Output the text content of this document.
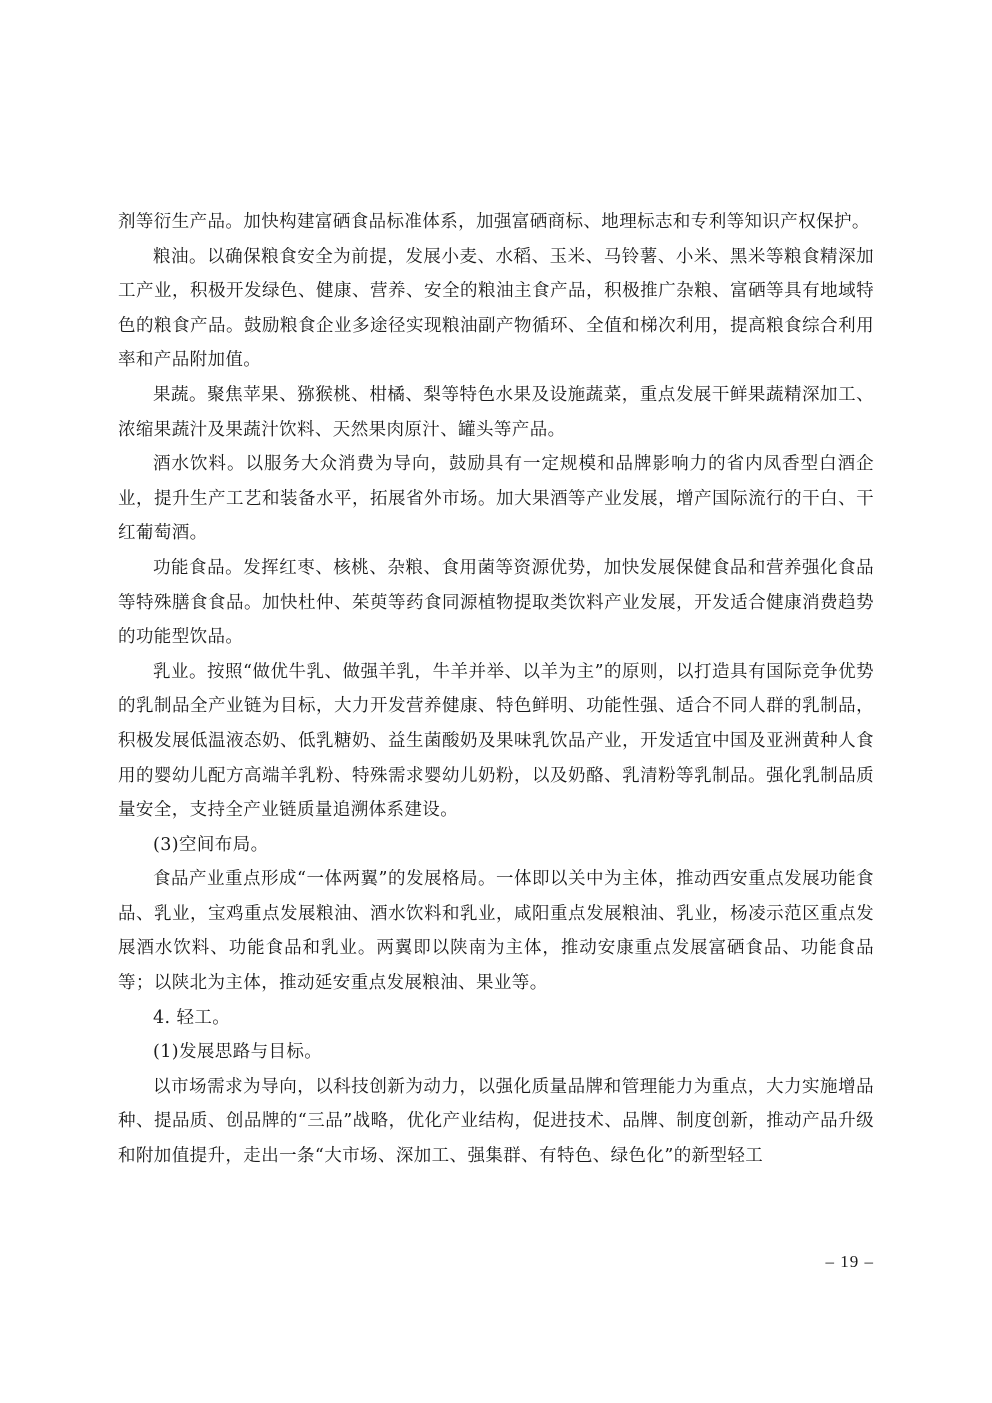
剂等衍生产品。加快构建富硒食品标准体系，加强富硒商标、地理标志和专利等知识产权保护。

粮油。以确保粮食安全为前提，发展小麦、水稻、玉米、马铃薯、小米、黑米等粮食精深加工产业，积极开发绿色、健康、营养、安全的粮油主食产品，积极推广杂粮、富硒等具有地域特色的粮食产品。鼓励粮食企业多途径实现粮油副产物循环、全值和梯次利用，提高粮食综合利用率和产品附加值。

果蔬。聚焦苹果、猕猴桃、柑橘、梨等特色水果及设施蔬菜，重点发展干鲜果蔬精深加工、浓缩果蔬汁及果蔬汁饮料、天然果肉原汁、罐头等产品。

酒水饮料。以服务大众消费为导向，鼓励具有一定规模和品牌影响力的省内凤香型白酒企业，提升生产工艺和装备水平，拓展省外市场。加大果酒等产业发展，增产国际流行的干白、干红葡萄酒。

功能食品。发挥红枣、核桃、杂粮、食用菌等资源优势，加快发展保健食品和营养强化食品等特殊膳食食品。加快杜仲、茱萸等药食同源植物提取类饮料产业发展，开发适合健康消费趋势的功能型饮品。

乳业。按照“做优牛乳、做强羊乳，牛羊并举、以羊为主”的原则，以打造具有国际竞争优势的乳制品全产业链为目标，大力开发营养健康、特色鲜明、功能性强、适合不同人群的乳制品，积极发展低温液态奶、低乳糖奶、益生菌酸奶及果味乳饮品产业，开发适宜中国及亚洲黄种人食用的婴幼儿配方高端羊乳粉、特殊需求婴幼儿奶粉，以及奶酪、乳清粉等乳制品。强化乳制品质量安全，支持全产业链质量追溯体系建设。

(3)空间布局。

食品产业重点形成“一体两翼”的发展格局。一体即以关中为主体，推动西安重点发展功能食品、乳业，宝鸡重点发展粮油、酒水饮料和乳业，咸阳重点发展粮油、乳业，杨凌示范区重点发展酒水饮料、功能食品和乳业。两翼即以陕南为主体，推动安康重点发展富硒食品、功能食品等；以陕北为主体，推动延安重点发展粮油、果业等。

4. 轻工。

(1)发展思路与目标。

以市场需求为导向，以科技创新为动力，以强化质量品牌和管理能力为重点，大力实施增品种、提品质、创品牌的“三品”战略，优化产业结构，促进技术、品牌、制度创新，推动产品升级和附加值提升，走出一条“大市场、深加工、强集群、有特色、绿色化”的新型轻工

– 19 –
